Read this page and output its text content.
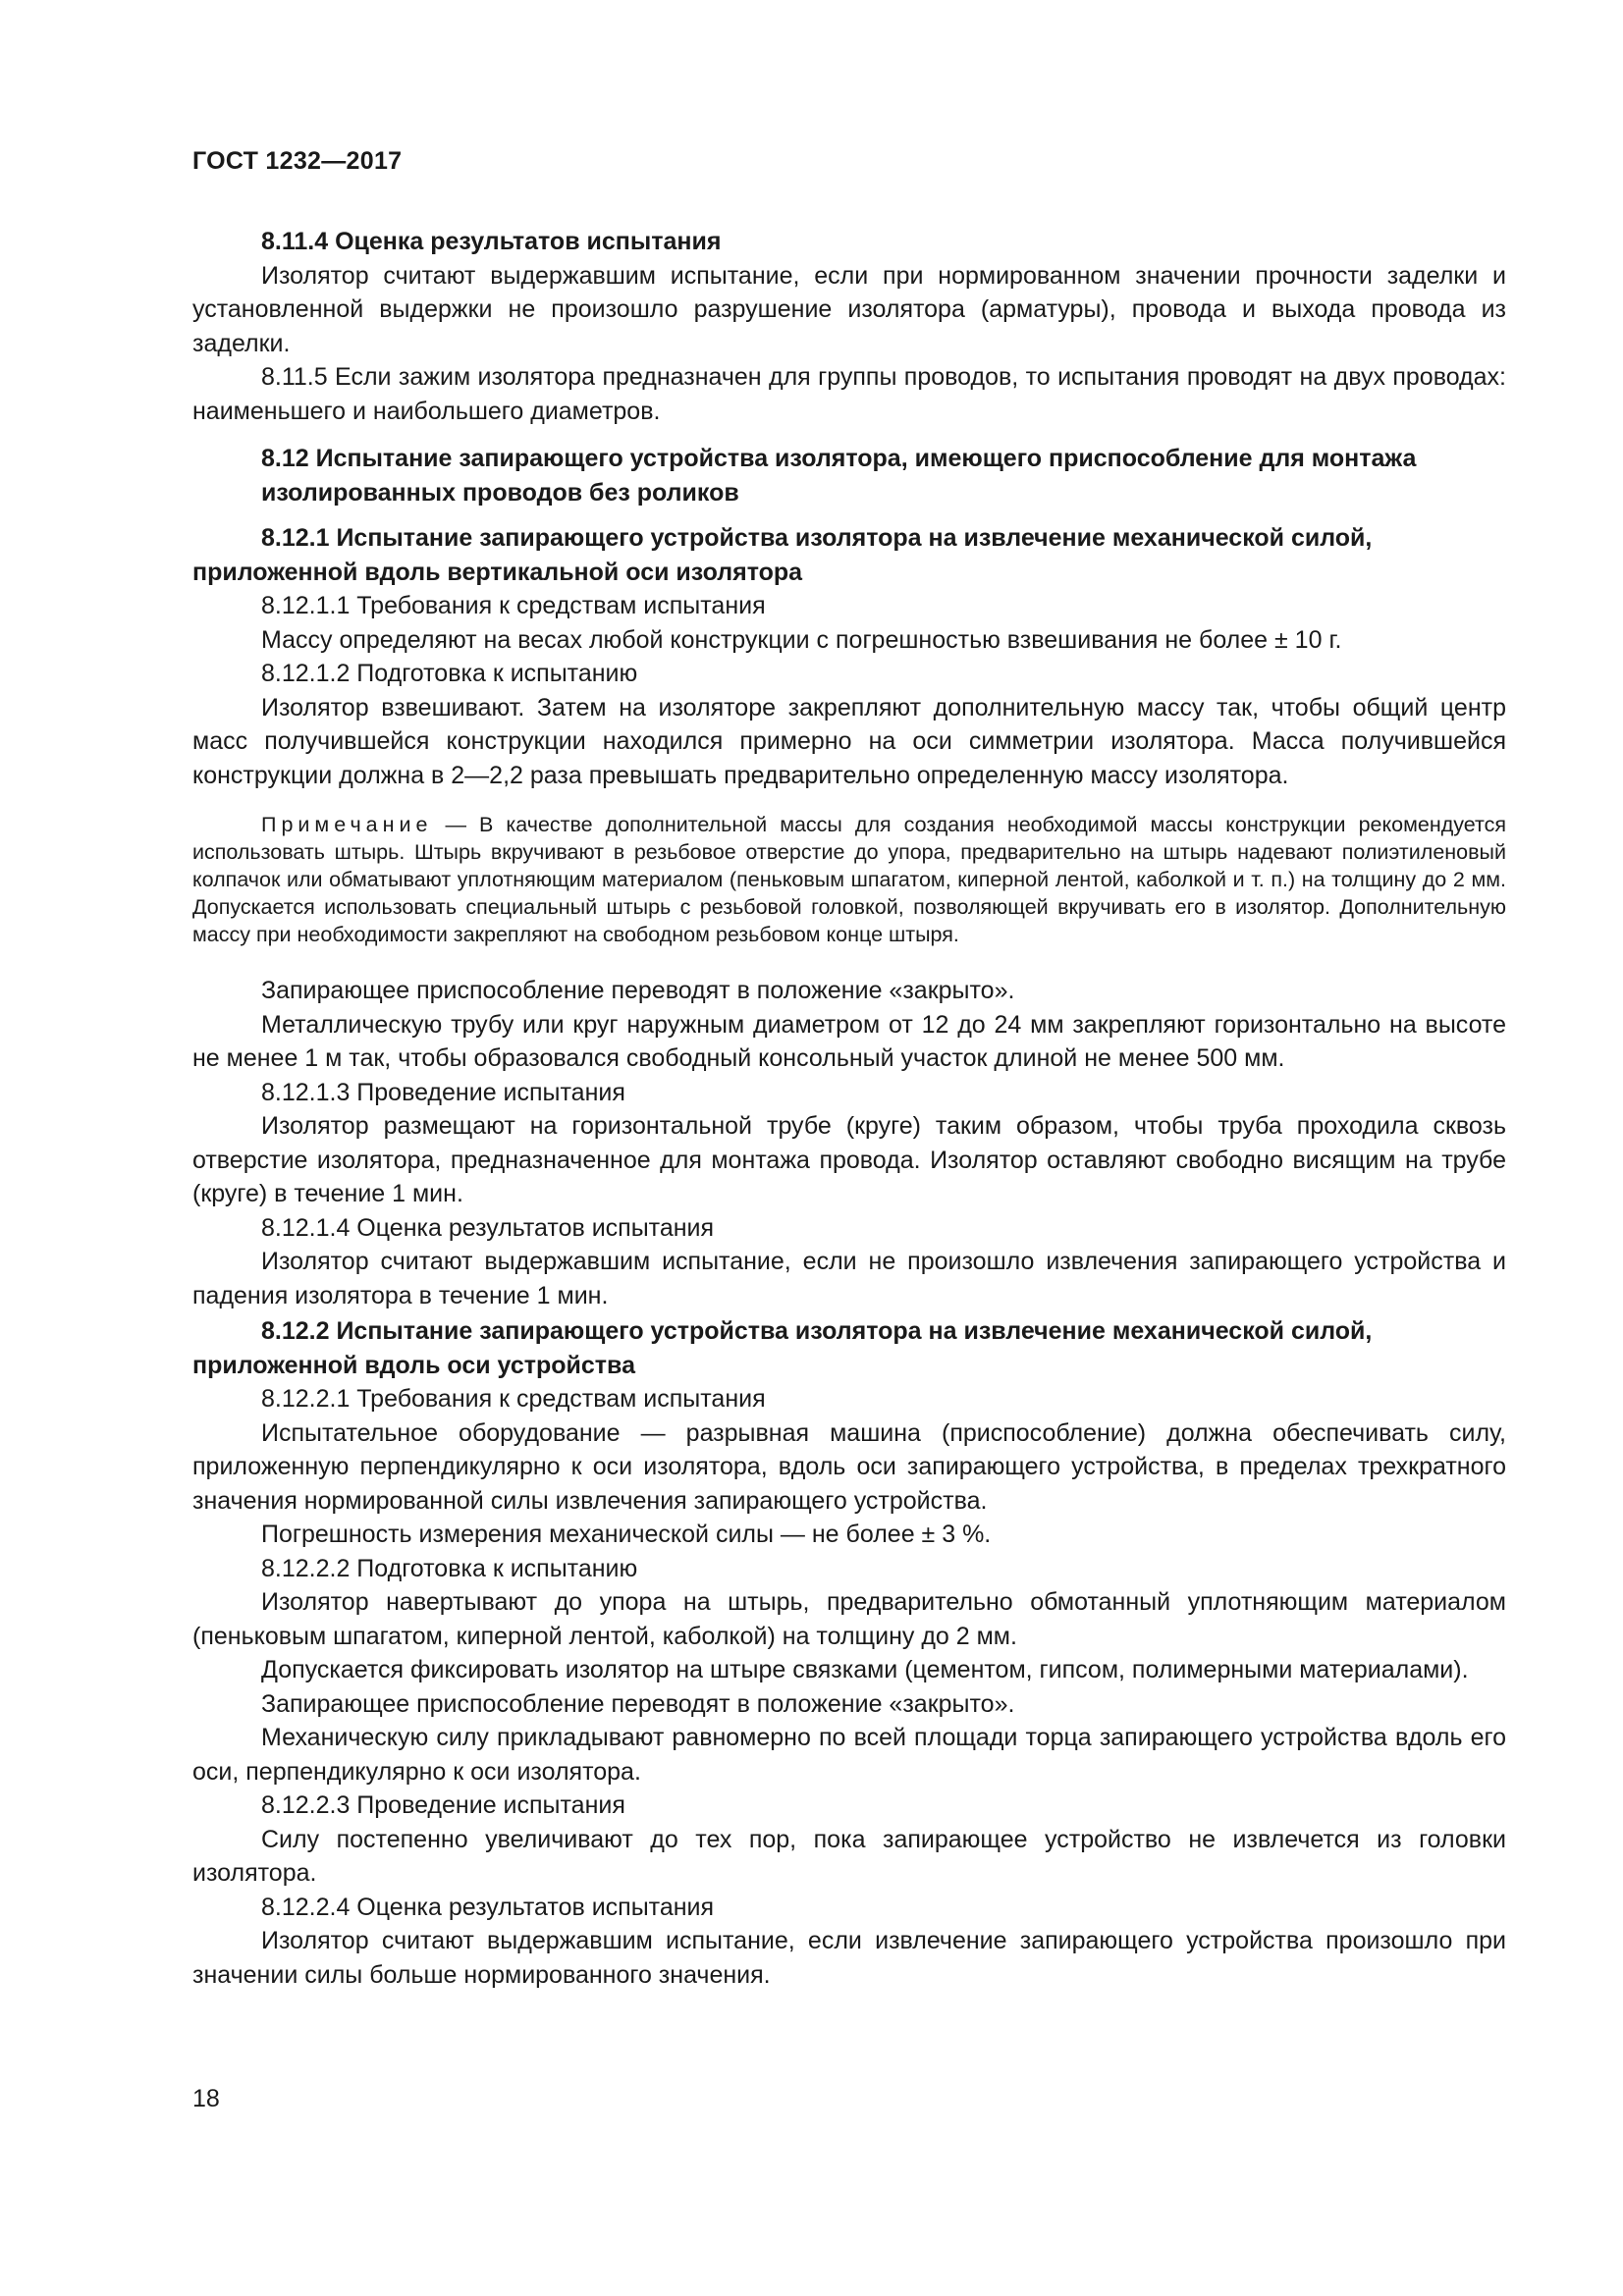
ГОСТ 1232—2017

8.11.4 Оценка результатов испытания

Изолятор считают выдержавшим испытание, если при нормированном значении прочности заделки и установленной выдержки не произошло разрушение изолятора (арматуры), провода и выхода провода из заделки.

8.11.5 Если зажим изолятора предназначен для группы проводов, то испытания проводят на двух проводах: наименьшего и наибольшего диаметров.

8.12 Испытание запирающего устройства изолятора, имеющего приспособление для монтажа изолированных проводов без роликов

8.12.1 Испытание запирающего устройства изолятора на извлечение механической силой, приложенной вдоль вертикальной оси изолятора

8.12.1.1 Требования к средствам испытания

Массу определяют на весах любой конструкции с погрешностью взвешивания не более ± 10 г.

8.12.1.2 Подготовка к испытанию

Изолятор взвешивают. Затем на изоляторе закрепляют дополнительную массу так, чтобы общий центр масс получившейся конструкции находился примерно на оси симметрии изолятора. Масса получившейся конструкции должна в 2—2,2 раза превышать предварительно определенную массу изолятора.

Примечание — В качестве дополнительной массы для создания необходимой массы конструкции рекомендуется использовать штырь. Штырь вкручивают в резьбовое отверстие до упора, предварительно на штырь надевают полиэтиленовый колпачок или обматывают уплотняющим материалом (пеньковым шпагатом, киперной лентой, каболкой и т. п.) на толщину до 2 мм. Допускается использовать специальный штырь с резьбовой головкой, позволяющей вкручивать его в изолятор. Дополнительную массу при необходимости закрепляют на свободном резьбовом конце штыря.

Запирающее приспособление переводят в положение «закрыто».

Металлическую трубу или круг наружным диаметром от 12 до 24 мм закрепляют горизонтально на высоте не менее 1 м так, чтобы образовался свободный консольный участок длиной не менее 500 мм.

8.12.1.3 Проведение испытания

Изолятор размещают на горизонтальной трубе (круге) таким образом, чтобы труба проходила сквозь отверстие изолятора, предназначенное для монтажа провода. Изолятор оставляют свободно висящим на трубе (круге) в течение 1 мин.

8.12.1.4 Оценка результатов испытания

Изолятор считают выдержавшим испытание, если не произошло извлечения запирающего устройства и падения изолятора в течение 1 мин.

8.12.2 Испытание запирающего устройства изолятора на извлечение механической силой, приложенной вдоль оси устройства

8.12.2.1 Требования к средствам испытания

Испытательное оборудование — разрывная машина (приспособление) должна обеспечивать силу, приложенную перпендикулярно к оси изолятора, вдоль оси запирающего устройства, в пределах трехкратного значения нормированной силы извлечения запирающего устройства.

Погрешность измерения механической силы — не более ± 3 %.

8.12.2.2 Подготовка к испытанию

Изолятор навертывают до упора на штырь, предварительно обмотанный уплотняющим материалом (пеньковым шпагатом, киперной лентой, каболкой) на толщину до 2 мм.

Допускается фиксировать изолятор на штыре связками (цементом, гипсом, полимерными материалами).

Запирающее приспособление переводят в положение «закрыто».

Механическую силу прикладывают равномерно по всей площади торца запирающего устройства вдоль его оси, перпендикулярно к оси изолятора.

8.12.2.3 Проведение испытания

Силу постепенно увеличивают до тех пор, пока запирающее устройство не извлечется из головки изолятора.

8.12.2.4 Оценка результатов испытания

Изолятор считают выдержавшим испытание, если извлечение запирающего устройства произошло при значении силы больше нормированного значения.

18
